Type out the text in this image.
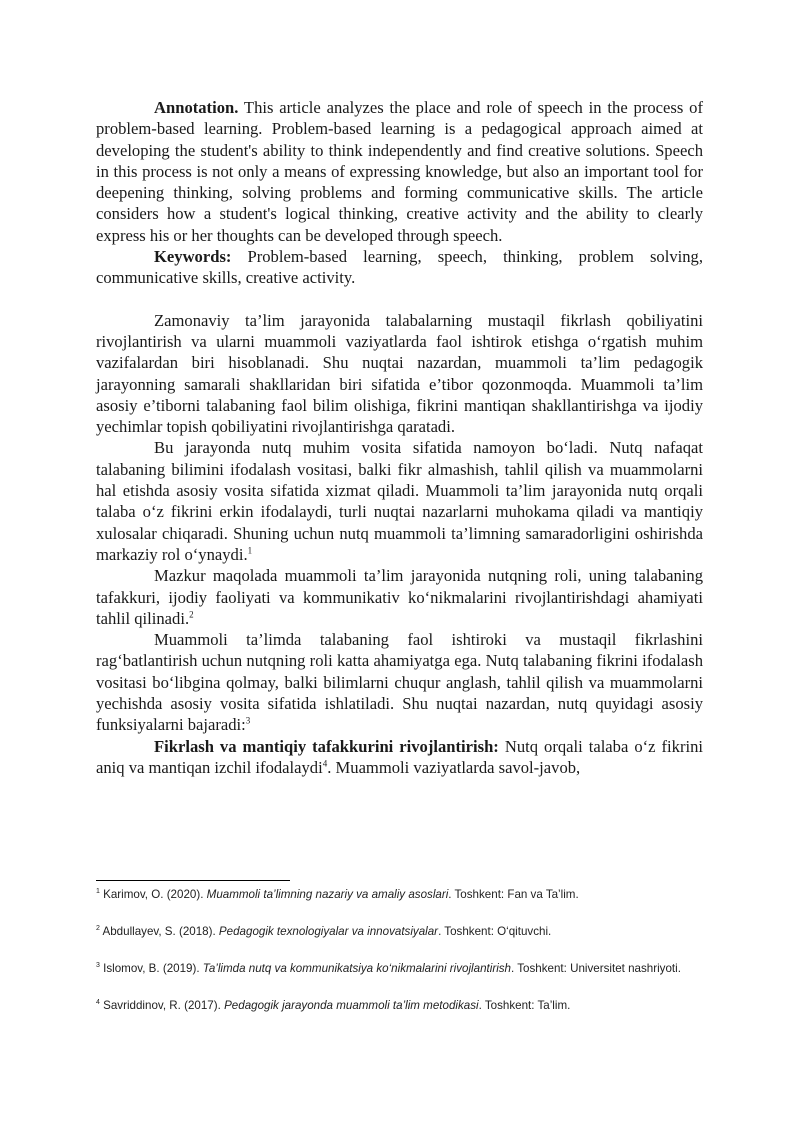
Annotation. This article analyzes the place and role of speech in the process of problem-based learning. Problem-based learning is a pedagogical approach aimed at developing the student's ability to think independently and find creative solutions. Speech in this process is not only a means of expressing knowledge, but also an important tool for deepening thinking, solving problems and forming communicative skills. The article considers how a student's logical thinking, creative activity and the ability to clearly express his or her thoughts can be developed through speech.

Keywords: Problem-based learning, speech, thinking, problem solving, communicative skills, creative activity.

Zamonaviy ta’lim jarayonida talabalarning mustaqil fikrlash qobiliyatini rivojlantirish va ularni muammoli vaziyatlarda faol ishtirok etishga o‘rgatish muhim vazifalardan biri hisoblanadi. Shu nuqtai nazardan, muammoli ta’lim pedagogik jarayonning samarali shakllaridan biri sifatida e’tibor qozonmoqda. Muammoli ta’lim asosiy e’tiborni talabaning faol bilim olishiga, fikrini mantiqan shakllantirishga va ijodiy yechimlar topish qobiliyatini rivojlantirishga qaratadi.

Bu jarayonda nutq muhim vosita sifatida namoyon bo‘ladi. Nutq nafaqat talabaning bilimini ifodalash vositasi, balki fikr almashish, tahlil qilish va muammolarni hal etishda asosiy vosita sifatida xizmat qiladi. Muammoli ta’lim jarayonida nutq orqali talaba o‘z fikrini erkin ifodalaydi, turli nuqtai nazarlarni muhokama qiladi va mantiqiy xulosalar chiqaradi. Shuning uchun nutq muammoli ta’limning samaradorligini oshirishda markaziy rol o‘ynaydi.$^1$

Mazkur maqolada muammoli ta’lim jarayonida nutqning roli, uning talabaning tafakkuri, ijodiy faoliyati va kommunikativ ko‘nikmalarini rivojlantirishdagi ahamiyati tahlil qilinadi.$^2$

Muammoli ta’limda talabaning faol ishtiroki va mustaqil fikrlashini rag‘batlantirish uchun nutqning roli katta ahamiyatga ega. Nutq talabaning fikrini ifodalash vositasi bo‘libgina qolmay, balki bilimlarni chuqur anglash, tahlil qilish va muammolarni yechishda asosiy vosita sifatida ishlatiladi. Shu nuqtai nazardan, nutq quyidagi asosiy funksiyalarni bajaradi:$^3$

Fikrlash va mantiqiy tafakkurini rivojlantirish: Nutq orqali talaba o‘z fikrini aniq va mantiqan izchil ifodalaydi$^4$. Muammoli vaziyatlarda savol-javob,

$^1$ Karimov, O. (2020). Muammoli ta’limning nazariy va amaliy asoslari. Toshkent: Fan va Ta’lim.

$^2$ Abdullayev, S. (2018). Pedagogik texnologiyalar va innovatsiyalar. Toshkent: O‘qituvchi.

$^3$ Islomov, B. (2019). Ta’limda nutq va kommunikatsiya ko‘nikmalarini rivojlantirish. Toshkent: Universitet nashriyoti.

$^4$ Savriddinov, R. (2017). Pedagogik jarayonda muammoli ta’lim metodikasi. Toshkent: Ta’lim.
